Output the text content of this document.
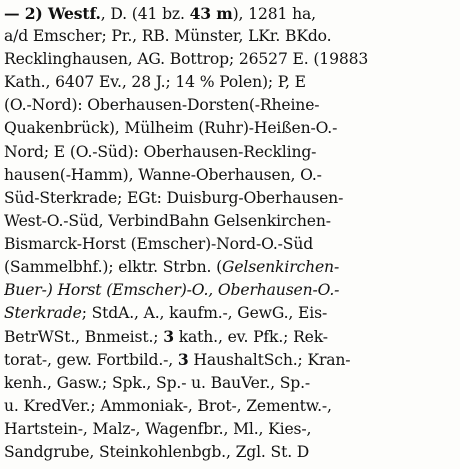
— 2) Westf., D. (41 bz. 43 m), 1281 ha,
a/d Emscher; Pr., RB. Münster, LKr. BKdo.
Recklinghausen, AG. Bottrop; 26527 E. (19883
Kath., 6407 Ev., 28 J.; 14 % Polen); P, E
(O.-Nord): Oberhausen-Dorsten(-Rheine-
Quakenbrück), Mülheim (Ruhr)-Heißen-O.-
Nord; E (O.-Süd): Oberhausen-Reckling-
hausen(-Hamm), Wanne-Oberhausen, O.-
Süd-Sterkrade; EGt: Duisburg-Oberhausen-
West-O.-Süd, VerbindBahn Gelsenkirchen-
Bismarck-Horst (Emscher)-Nord-O.-Süd
(Sammelbhf.); elktr. Strbn. (Gelsenkirchen-
Buer-) Horst (Emscher)-O., Oberhausen-O.-
Sterkrade; StdA., A., kaufm.-, GewG., Eis-
BetrWSt., Bnmeist.; 3 kath., ev. Pfk.; Rek-
torat-, gew. Fortbild.-, 3 HaushaltSch.; Kran-
kenh., Gasw.; Spk., Sp.- u. BauVer., Sp.-
u. KredVer.; Ammoniak-, Brot-, Zementw.-,
Hartstein-, Malz-, Wagenfbr., Ml., Kies-,
Sandgrube, Steinkohlenbgb., Zgl. St. D
